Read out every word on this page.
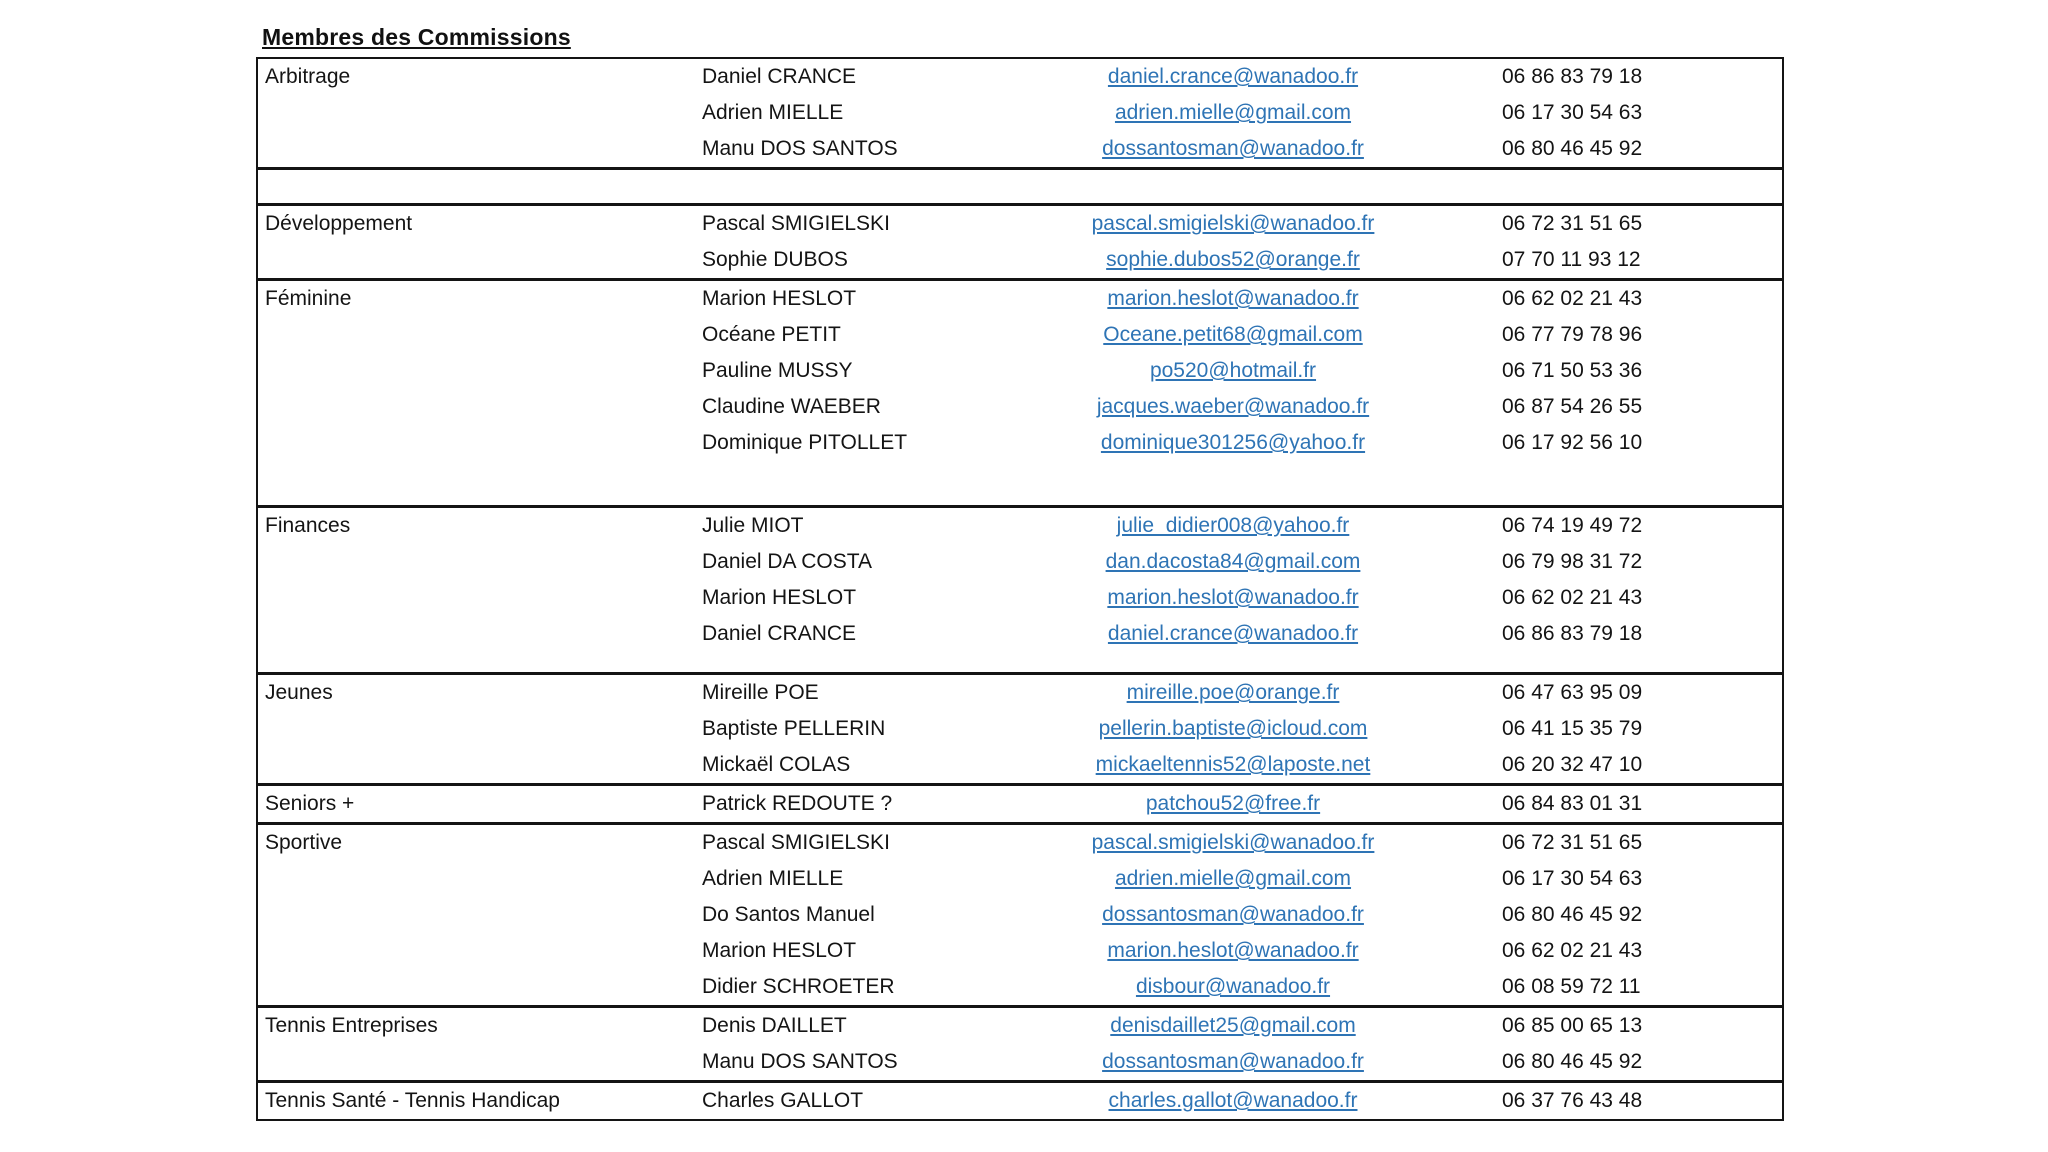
Membres des Commissions
Arbitrage	Daniel CRANCE	daniel.crance@wanadoo.fr	06 86 83 79 18
Adrien MIELLE	adrien.mielle@gmail.com	06 17 30 54 63
Manu DOS SANTOS	dossantosman@wanadoo.fr	06 80 46 45 92
Développement	Pascal SMIGIELSKI	pascal.smigielski@wanadoo.fr	06 72 31 51 65
Sophie DUBOS	sophie.dubos52@orange.fr	07 70 11 93 12
Féminine	Marion HESLOT	marion.heslot@wanadoo.fr	06 62 02 21 43
Océane PETIT	Oceane.petit68@gmail.com	06 77 79 78 96
Pauline MUSSY	po520@hotmail.fr	06 71 50 53 36
Claudine WAEBER	jacques.waeber@wanadoo.fr	06 87 54 26 55
Dominique PITOLLET	dominique301256@yahoo.fr	06 17 92 56 10
Finances	Julie MIOT	julie_didier008@yahoo.fr	06 74 19 49 72
Daniel DA COSTA	dan.dacosta84@gmail.com	06 79 98 31 72
Marion HESLOT	marion.heslot@wanadoo.fr	06 62 02 21 43
Daniel CRANCE	daniel.crance@wanadoo.fr	06 86 83 79 18
Jeunes	Mireille POE	mireille.poe@orange.fr	06 47 63 95 09
Baptiste PELLERIN	pellerin.baptiste@icloud.com	06 41 15 35 79
Mickaël COLAS	mickaeltennis52@laposte.net	06 20 32 47 10
Seniors +	Patrick REDOUTE ?	patchou52@free.fr	06 84 83 01 31
Sportive	Pascal SMIGIELSKI	pascal.smigielski@wanadoo.fr	06 72 31 51 65
Adrien MIELLE	adrien.mielle@gmail.com	06 17 30 54 63
Do Santos Manuel	dossantosman@wanadoo.fr	06 80 46 45 92
Marion HESLOT	marion.heslot@wanadoo.fr	06 62 02 21 43
Didier SCHROETER	disbour@wanadoo.fr	06 08 59 72 11
Tennis Entreprises	Denis DAILLET	denisdaillet25@gmail.com	06 85 00 65 13
Manu DOS SANTOS	dossantosman@wanadoo.fr	06 80 46 45 92
Tennis Santé - Tennis Handicap	Charles GALLOT	charles.gallot@wanadoo.fr	06 37 76 43 48
